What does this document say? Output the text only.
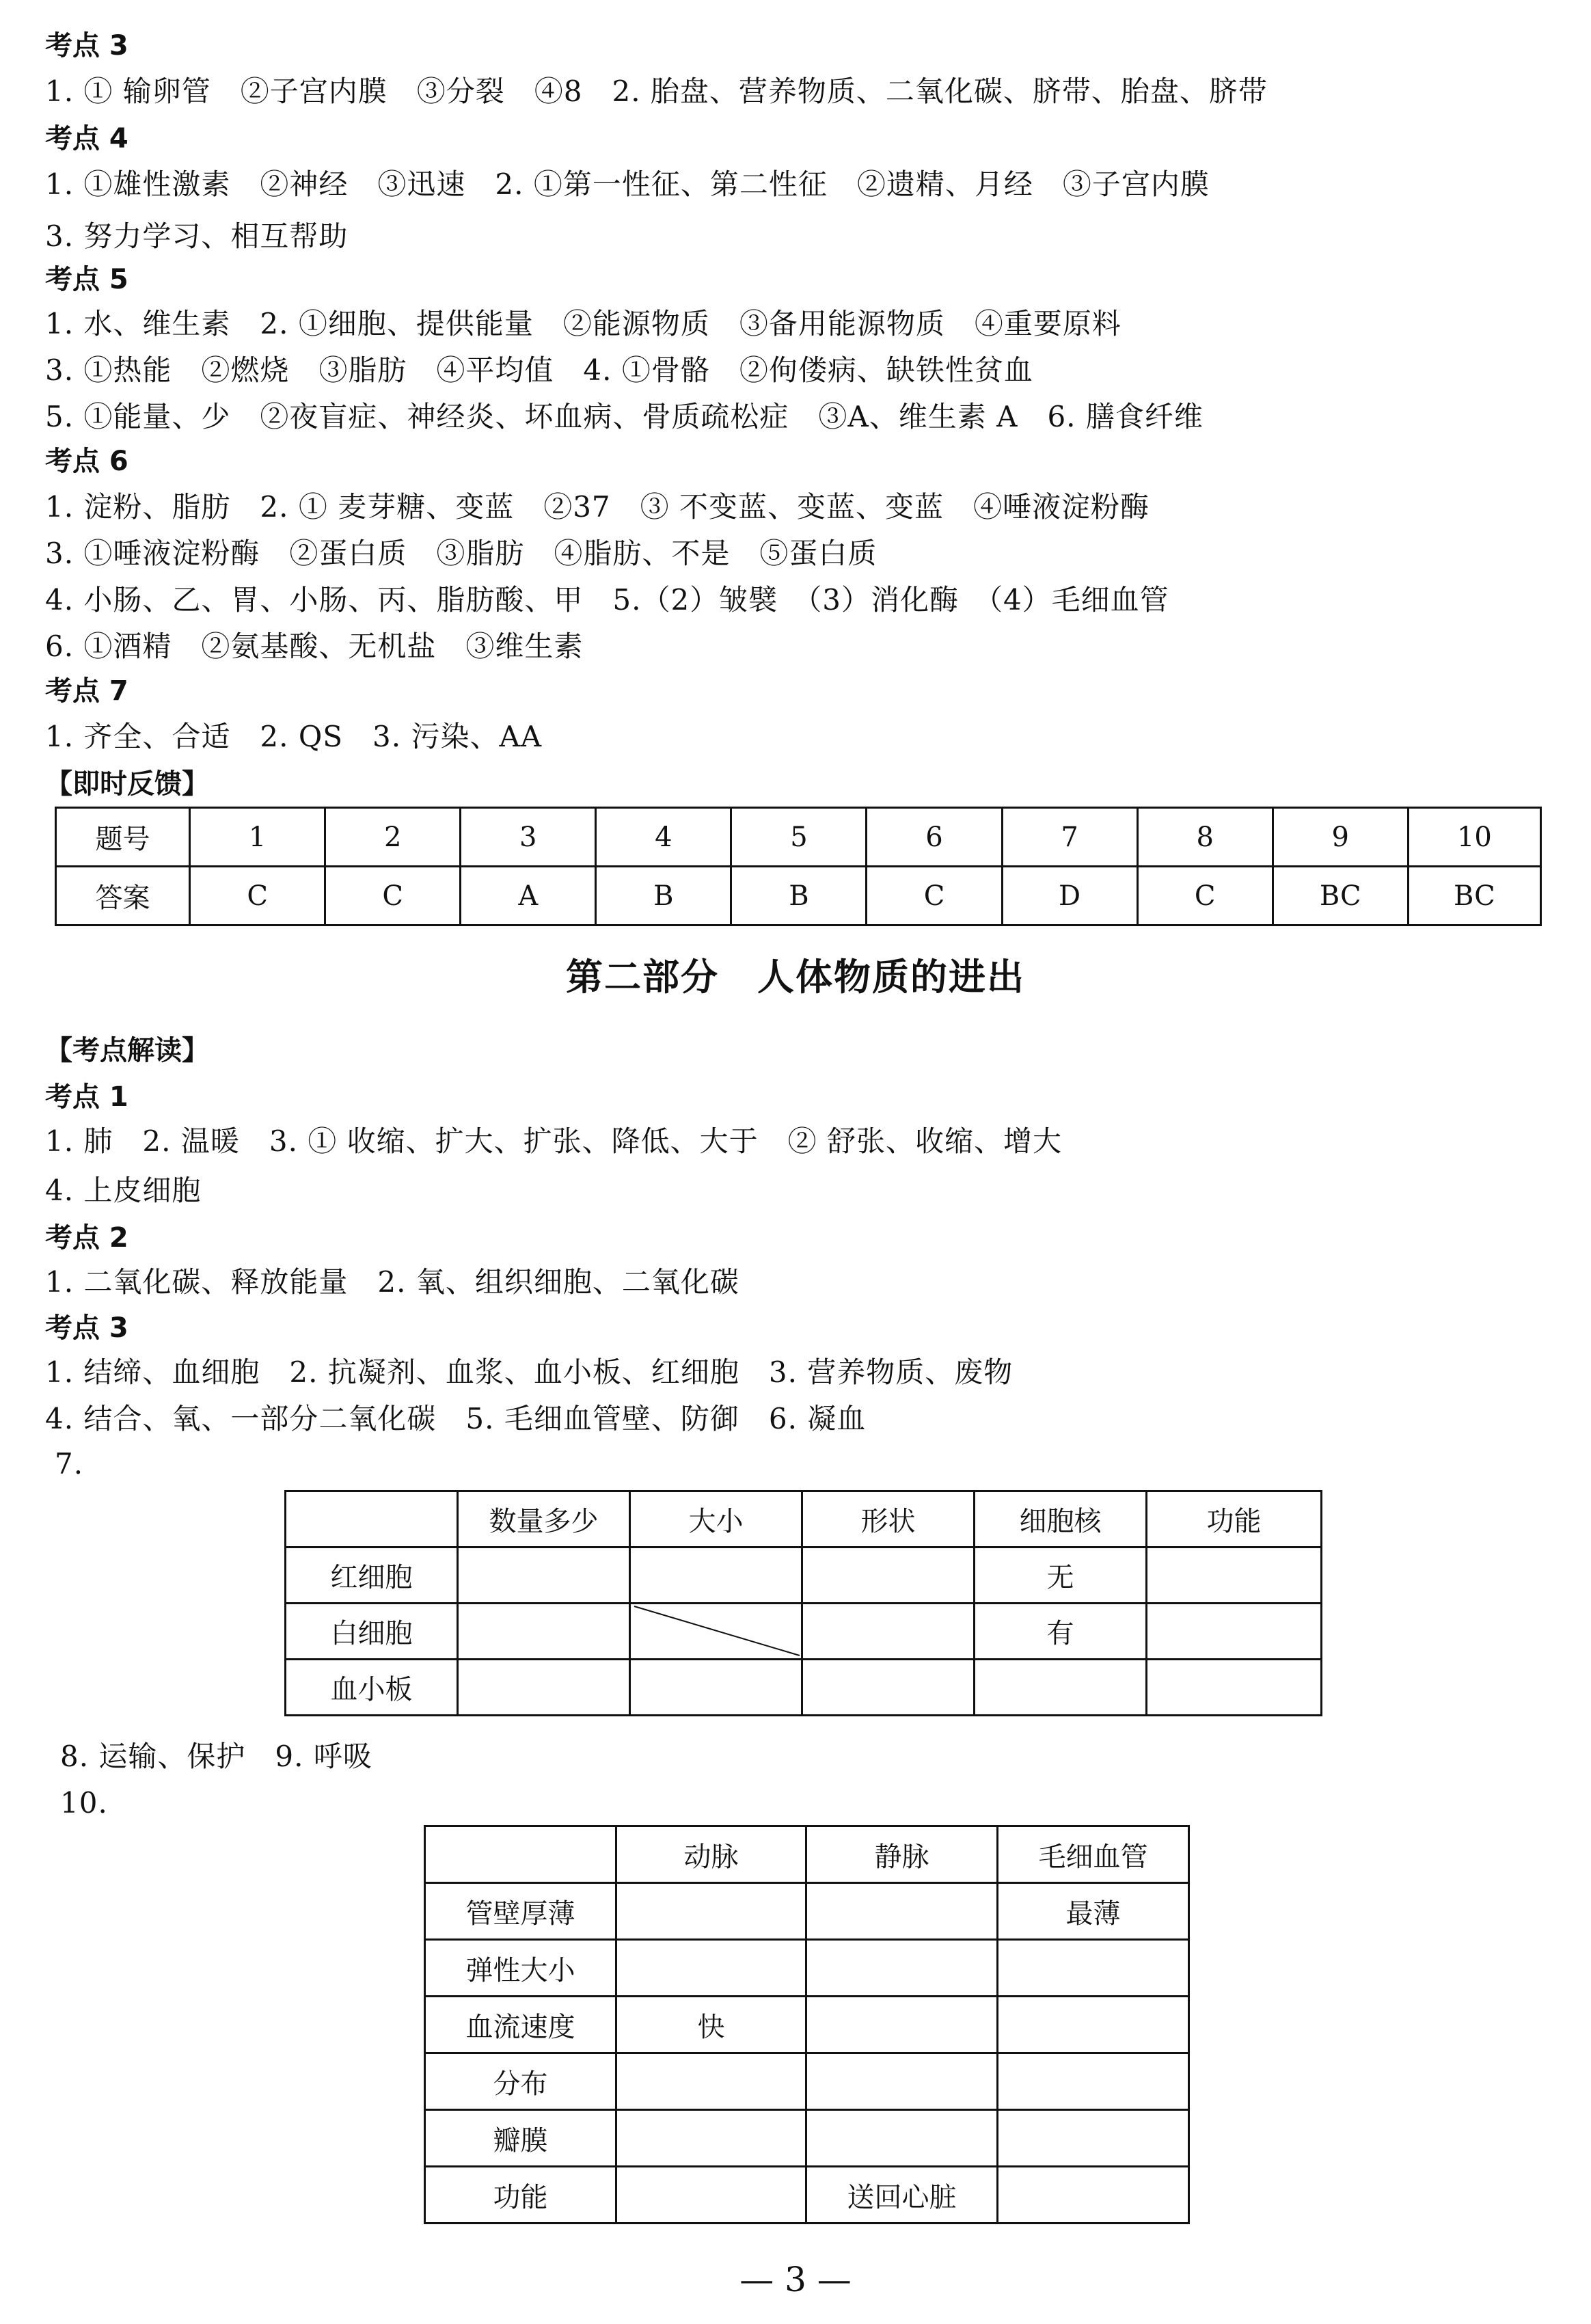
考点 3
1. ① 输卵管　②子宫内膜　③分裂　④8　2. 胎盘、营养物质、二氧化碳、脐带、胎盘、脐带
考点 4
1. ①雄性激素　②神经　③迅速　2. ①第一性征、第二性征　②遗精、月经　③子宫内膜
3. 努力学习、相互帮助
考点 5
1. 水、维生素　2. ①细胞、提供能量　②能源物质　③备用能源物质　④重要原料
3. ①热能　②燃烧　③脂肪　④平均值　4. ①骨骼　②佝偻病、缺铁性贫血
5. ①能量、少　②夜盲症、神经炎、坏血病、骨质疏松症　③A、维生素 A　6. 膳食纤维
考点 6
1. 淀粉、脂肪　2. ① 麦芽糖、变蓝　②37　③ 不变蓝、变蓝、变蓝　④唾液淀粉酶
3. ①唾液淀粉酶　②蛋白质　③脂肪　④脂肪、不是　⑤蛋白质
4. 小肠、乙、胃、小肠、丙、脂肪酸、甲　5.（2）皱襞　（3）消化酶　（4）毛细血管
6. ①酒精　②氨基酸、无机盐　③维生素
考点 7
1. 齐全、合适　2. QS　3. 污染、AA
【即时反馈】
题号	1	2	3	4	5	6	7	8	9	10
答案	C	C	A	B	B	C	D	C	BC	BC
第二部分　人体物质的进出
【考点解读】
考点 1
1. 肺　2. 温暖　3. ① 收缩、扩大、扩张、降低、大于　② 舒张、收缩、增大
4. 上皮细胞
考点 2
1. 二氧化碳、释放能量　2. 氧、组织细胞、二氧化碳
考点 3
1. 结缔、血细胞　2. 抗凝剂、血浆、血小板、红细胞　3. 营养物质、废物
4. 结合、氧、一部分二氧化碳　5. 毛细血管壁、防御　6. 凝血
7.
	数量多少	大小	形状	细胞核	功能
红细胞				无	
白细胞				有	
血小板					
8. 运输、保护　9. 呼吸
10.
	动脉	静脉	毛细血管
管壁厚薄			最薄
弹性大小			
血流速度	快		
分布			
瓣膜			
功能		送回心脏	
— 3 —
